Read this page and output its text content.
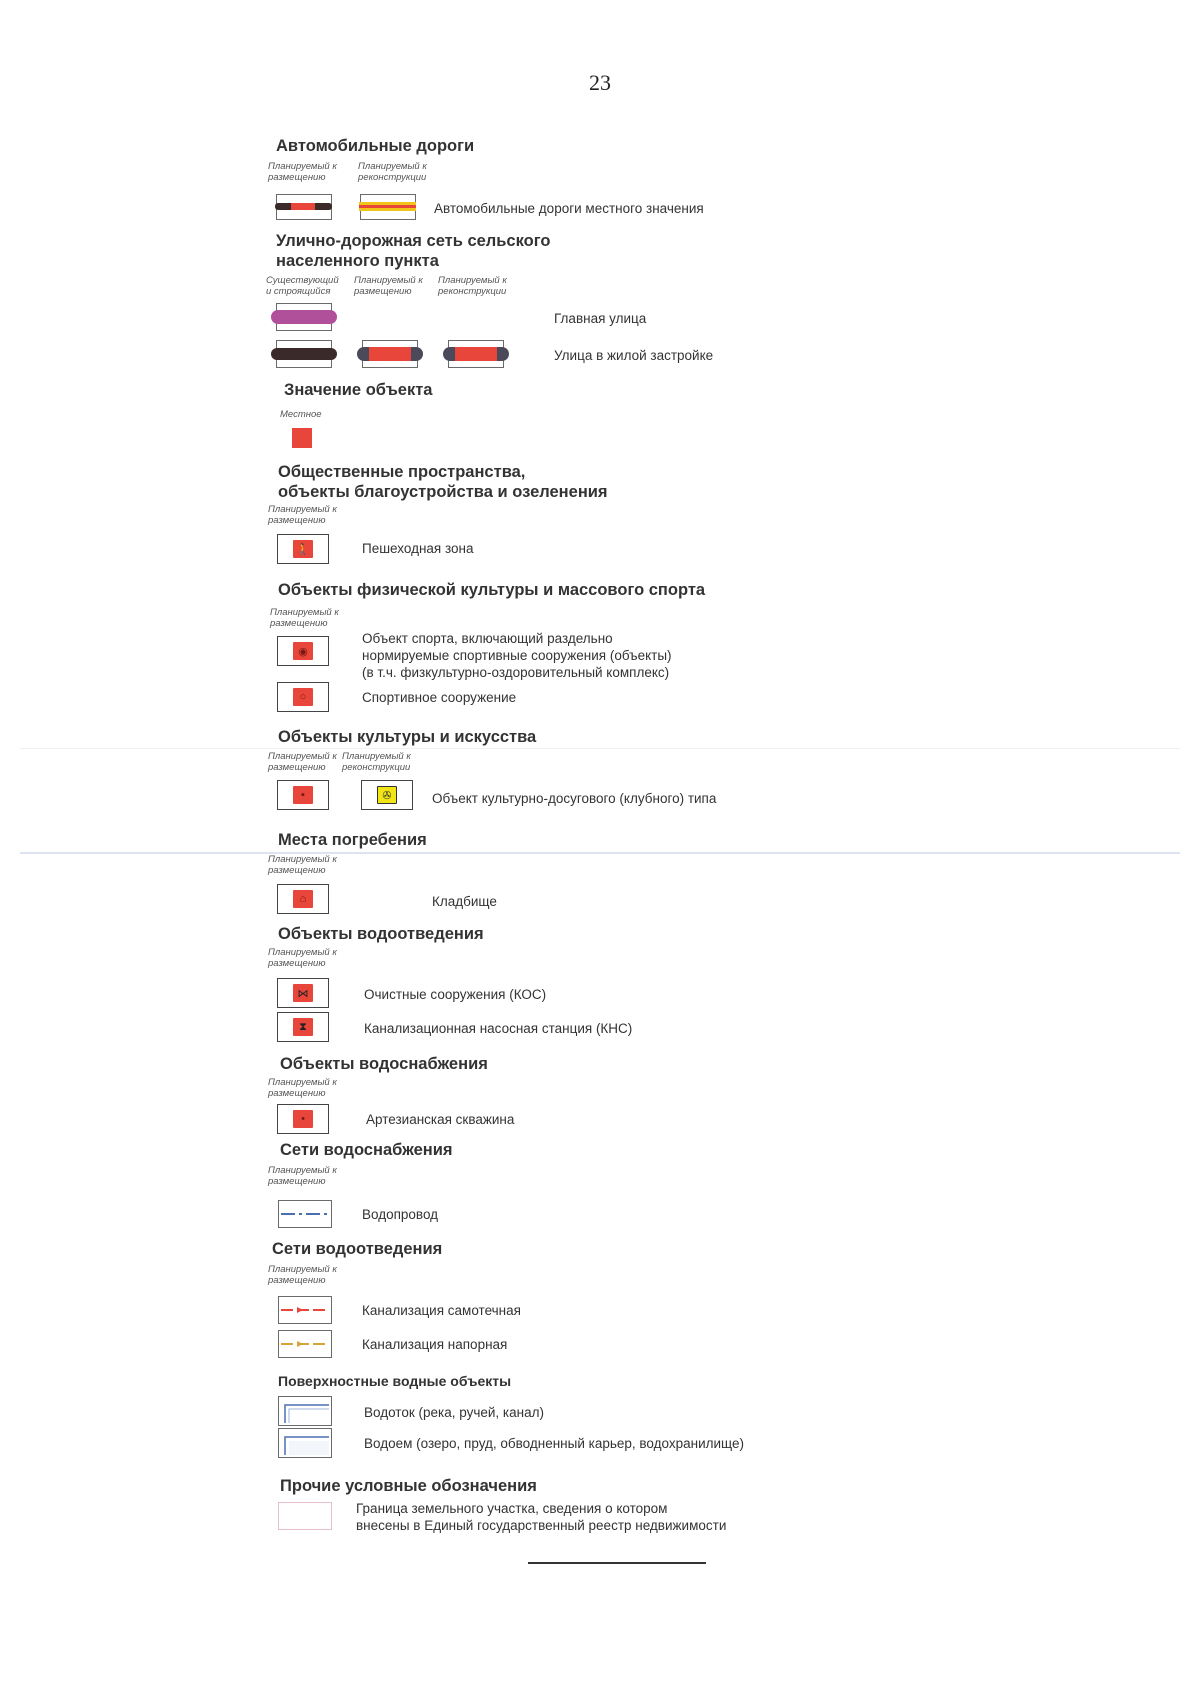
23
Автомобильные дороги
Планируемый к размещению
Планируемый к реконструкции
Автомобильные дороги местного значения
Улично-дорожная сеть сельского
населенного пункта
Существующий и строящийся
Планируемый к размещению
Планируемый к реконструкции
Главная улица
Улица в жилой застройке
Значение объекта
Местное
Общественные пространства,
объекты благоустройства и озеленения
Планируемый к размещению
🚶	Пешеходная зона
Объекты физической культуры и массового спорта
Планируемый к размещению
◉
Объект спорта, включающий раздельно
нормируемые спортивные сооружения (объекты)
(в т.ч. физкультурно-оздоровительный комплекс)
○	Спортивное сооружение
Объекты культуры и искусства
Планируемый к размещению
Планируемый к реконструкции
▪	✇	Объект культурно-досугового (клубного) типа
Места погребения
Планируемый к размещению
⌂	Кладбище
Объекты водоотведения
Планируемый к размещению
⋈	Очистные сооружения (КОС)
⧗	Канализационная насосная станция (КНС)
Объекты водоснабжения
Планируемый к размещению
•	Артезианская скважина
Сети водоснабжения
Планируемый к размещению
Водопровод
Сети водоотведения
Планируемый к размещению
Канализация самотечная
Канализация напорная
Поверхностные водные объекты
Водоток (река, ручей, канал)
Водоем (озеро, пруд, обводненный карьер, водохранилище)
Прочие условные обозначения
Граница земельного участка, сведения о котором
внесены в Единый государственный реестр недвижимости
